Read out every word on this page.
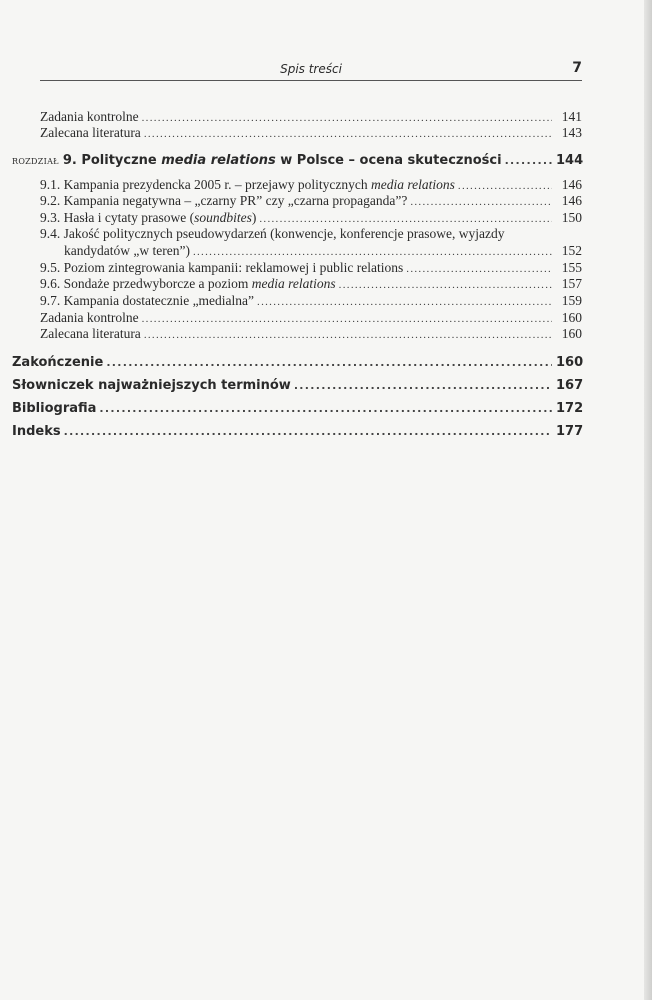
Spis treści	7
Zadania kontrolne .....	141
Zalecana literatura .....	143
ROZDZIAŁ 9. Polityczne media relations w Polsce – ocena skuteczności .....	144
9.1. Kampania prezydencka 2005 r. – przejawy politycznych media relations .....	146
9.2. Kampania negatywna – „czarny PR” czy „czarna propaganda”? .....	146
9.3. Hasła i cytaty prasowe (soundbites) .....	150
9.4. Jakość politycznych pseudowydarzeń (konwencje, konferencje prasowe, wyjazdy
kandydatów „w teren”) .....	152
9.5. Poziom zintegrowania kampanii: reklamowej i public relations .....	155
9.6. Sondaże przedwyborcze a poziom media relations .....	157
9.7. Kampania dostatecznie „medialna” .....	159
Zadania kontrolne .....	160
Zalecana literatura .....	160
Zakończenie .....	160
Słowniczek najważniejszych terminów .....	167
Bibliografia .....	172
Indeks .....	177
